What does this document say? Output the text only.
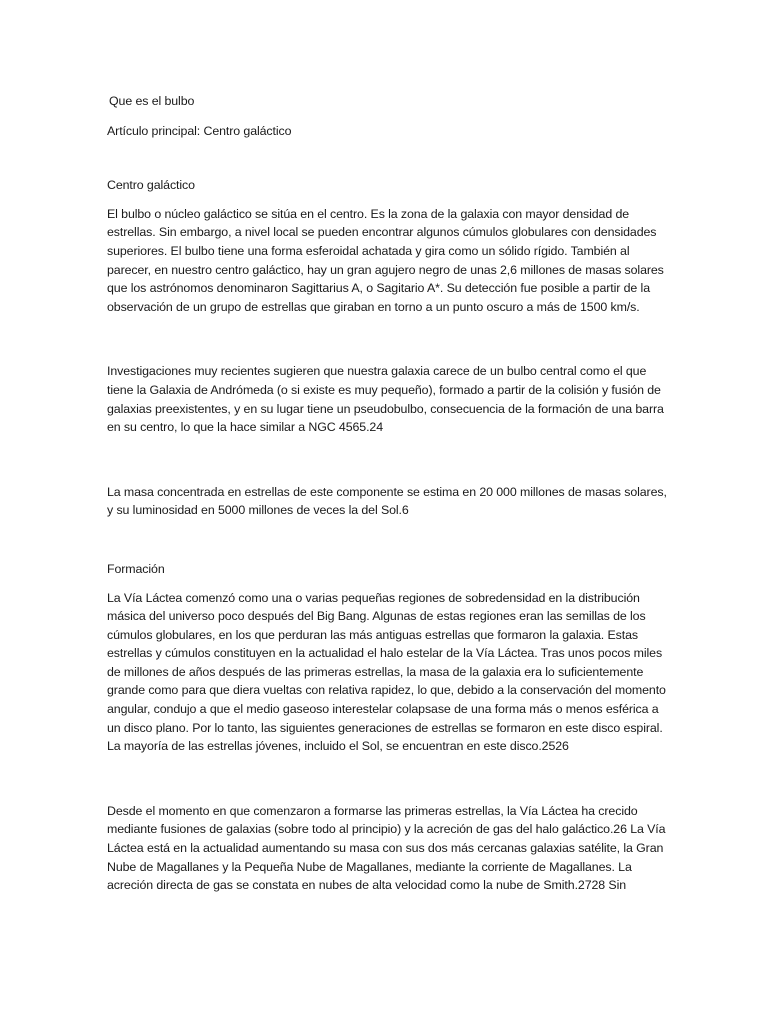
Que es el bulbo

Artículo principal: Centro galáctico

Centro galáctico

El bulbo o núcleo galáctico se sitúa en el centro. Es la zona de la galaxia con mayor densidad de estrellas. Sin embargo, a nivel local se pueden encontrar algunos cúmulos globulares con densidades superiores. El bulbo tiene una forma esferoidal achatada y gira como un sólido rígido. También al parecer, en nuestro centro galáctico, hay un gran agujero negro de unas 2,6 millones de masas solares que los astrónomos denominaron Sagittarius A, o Sagitario A*. Su detección fue posible a partir de la observación de un grupo de estrellas que giraban en torno a un punto oscuro a más de 1500 km/s.

Investigaciones muy recientes sugieren que nuestra galaxia carece de un bulbo central como el que tiene la Galaxia de Andrómeda (o si existe es muy pequeño), formado a partir de la colisión y fusión de galaxias preexistentes, y en su lugar tiene un pseudobulbo, consecuencia de la formación de una barra en su centro, lo que la hace similar a NGC 4565.24

La masa concentrada en estrellas de este componente se estima en 20 000 millones de masas solares, y su luminosidad en 5000 millones de veces la del Sol.6

Formación

La Vía Láctea comenzó como una o varias pequeñas regiones de sobredensidad en la distribución másica del universo poco después del Big Bang. Algunas de estas regiones eran las semillas de los cúmulos globulares, en los que perduran las más antiguas estrellas que formaron la galaxia. Estas estrellas y cúmulos constituyen en la actualidad el halo estelar de la Vía Láctea. Tras unos pocos miles de millones de años después de las primeras estrellas, la masa de la galaxia era lo suficientemente grande como para que diera vueltas con relativa rapidez, lo que, debido a la conservación del momento angular, condujo a que el medio gaseoso interestelar colapsase de una forma más o menos esférica a un disco plano. Por lo tanto, las siguientes generaciones de estrellas se formaron en este disco espiral. La mayoría de las estrellas jóvenes, incluido el Sol, se encuentran en este disco.2526

Desde el momento en que comenzaron a formarse las primeras estrellas, la Vía Láctea ha crecido mediante fusiones de galaxias (sobre todo al principio) y la acreción de gas del halo galáctico.26 La Vía Láctea está en la actualidad aumentando su masa con sus dos más cercanas galaxias satélite, la Gran Nube de Magallanes y la Pequeña Nube de Magallanes, mediante la corriente de Magallanes. La acreción directa de gas se constata en nubes de alta velocidad como la nube de Smith.2728 Sin
